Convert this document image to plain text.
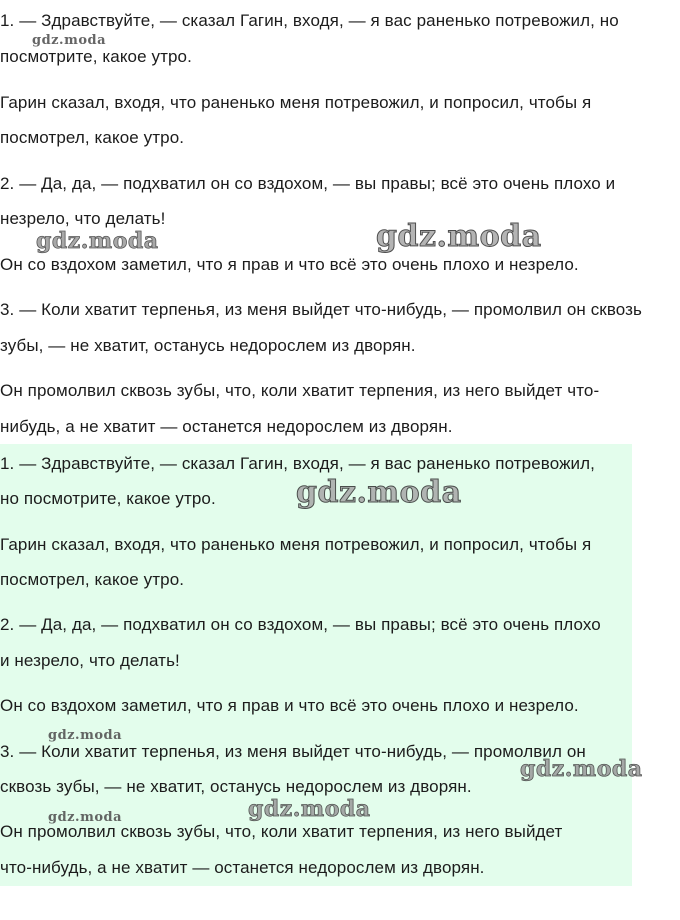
1. — Здравствуйте, — сказал Гагин, входя, — я вас раненько потревожил, но

посмотрите, какое утро.

Гарин сказал, входя, что раненько меня потревожил, и попросил, чтобы я

посмотрел, какое утро.

2. — Да, да, — подхватил он со вздохом, — вы правы; всё это очень плохо и

незрело, что делать!

Он со вздохом заметил, что я прав и что всё это очень плохо и незрело.

3. — Коли хватит терпенья, из меня выйдет что-нибудь, — промолвил он сквозь

зубы, — не хватит, останусь недорослем из дворян.

Он промолвил сквозь зубы, что, коли хватит терпения, из него выйдет что-

нибудь, а не хватит — останется недорослем из дворян.

1. — Здравствуйте, — сказал Гагин, входя, — я вас раненько потревожил,

но посмотрите, какое утро.

Гарин сказал, входя, что раненько меня потревожил, и попросил, чтобы я

посмотрел, какое утро.

2. — Да, да, — подхватил он со вздохом, — вы правы; всё это очень плохо

и незрело, что делать!

Он со вздохом заметил, что я прав и что всё это очень плохо и незрело.

3. — Коли хватит терпенья, из меня выйдет что-нибудь, — промолвил он

сквозь зубы, — не хватит, останусь недорослем из дворян.

Он промолвил сквозь зубы, что, коли хватит терпения, из него выйдет

что-нибудь, а не хватит — останется недорослем из дворян.

gdz.moda
gdz.moda	gdz.moda
gdz.moda
gdz.moda
gdz.moda
gdz.moda
gdz.moda
